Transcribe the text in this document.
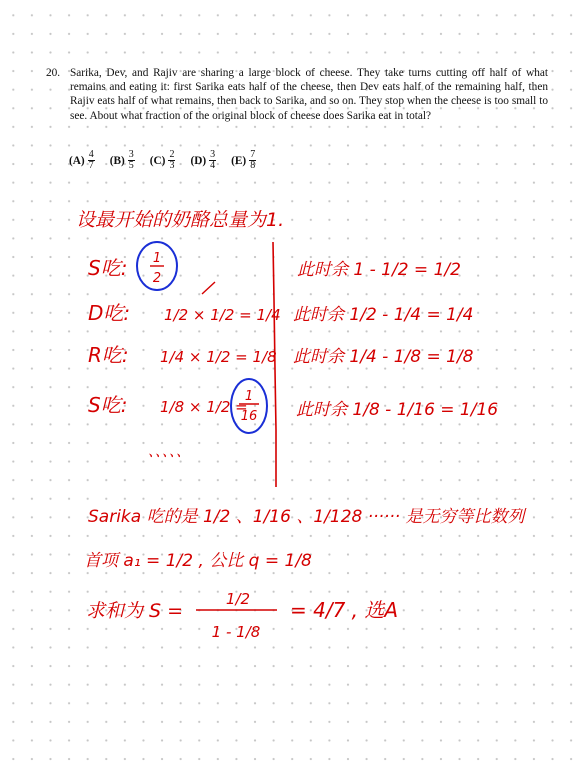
20. Sarika, Dev, and Rajiv are sharing a large block of cheese. They take turns cutting off half of what remains and eating it: first Sarika eats half of the cheese, then Dev eats half of the remaining half, then Rajiv eats half of what remains, then back to Sarika, and so on. They stop when the cheese is too small to see. About what fraction of the original block of cheese does Sarika eat in total?
$(A) \frac{4}{7} (B) \frac{3}{5} (C) \frac{2}{3} (D) \frac{3}{4} (E) \frac{7}{8}$
设最开始的奶酪总量为1.
S吃: 1
2
D吃: 1/2 × 1/2 = 1/4
R吃: 1/4 × 1/2 = 1/8
S吃: 1/8 × 1/2 =
1
16
、、、、、
此时余 1 - 1/2 = 1/2
此时余 1/2 - 1/4 = 1/4
此时余 1/4 - 1/8 = 1/8
此时余 1/8 - 1/16 = 1/16
Sarika 吃的是 1/2 、1/16 、1/128 ······ 是无穷等比数列
首项 a₁ = 1/2 , 公比 q = 1/8
求和为 S =
1/2
1 - 1/8
= 4/7 , 选A
